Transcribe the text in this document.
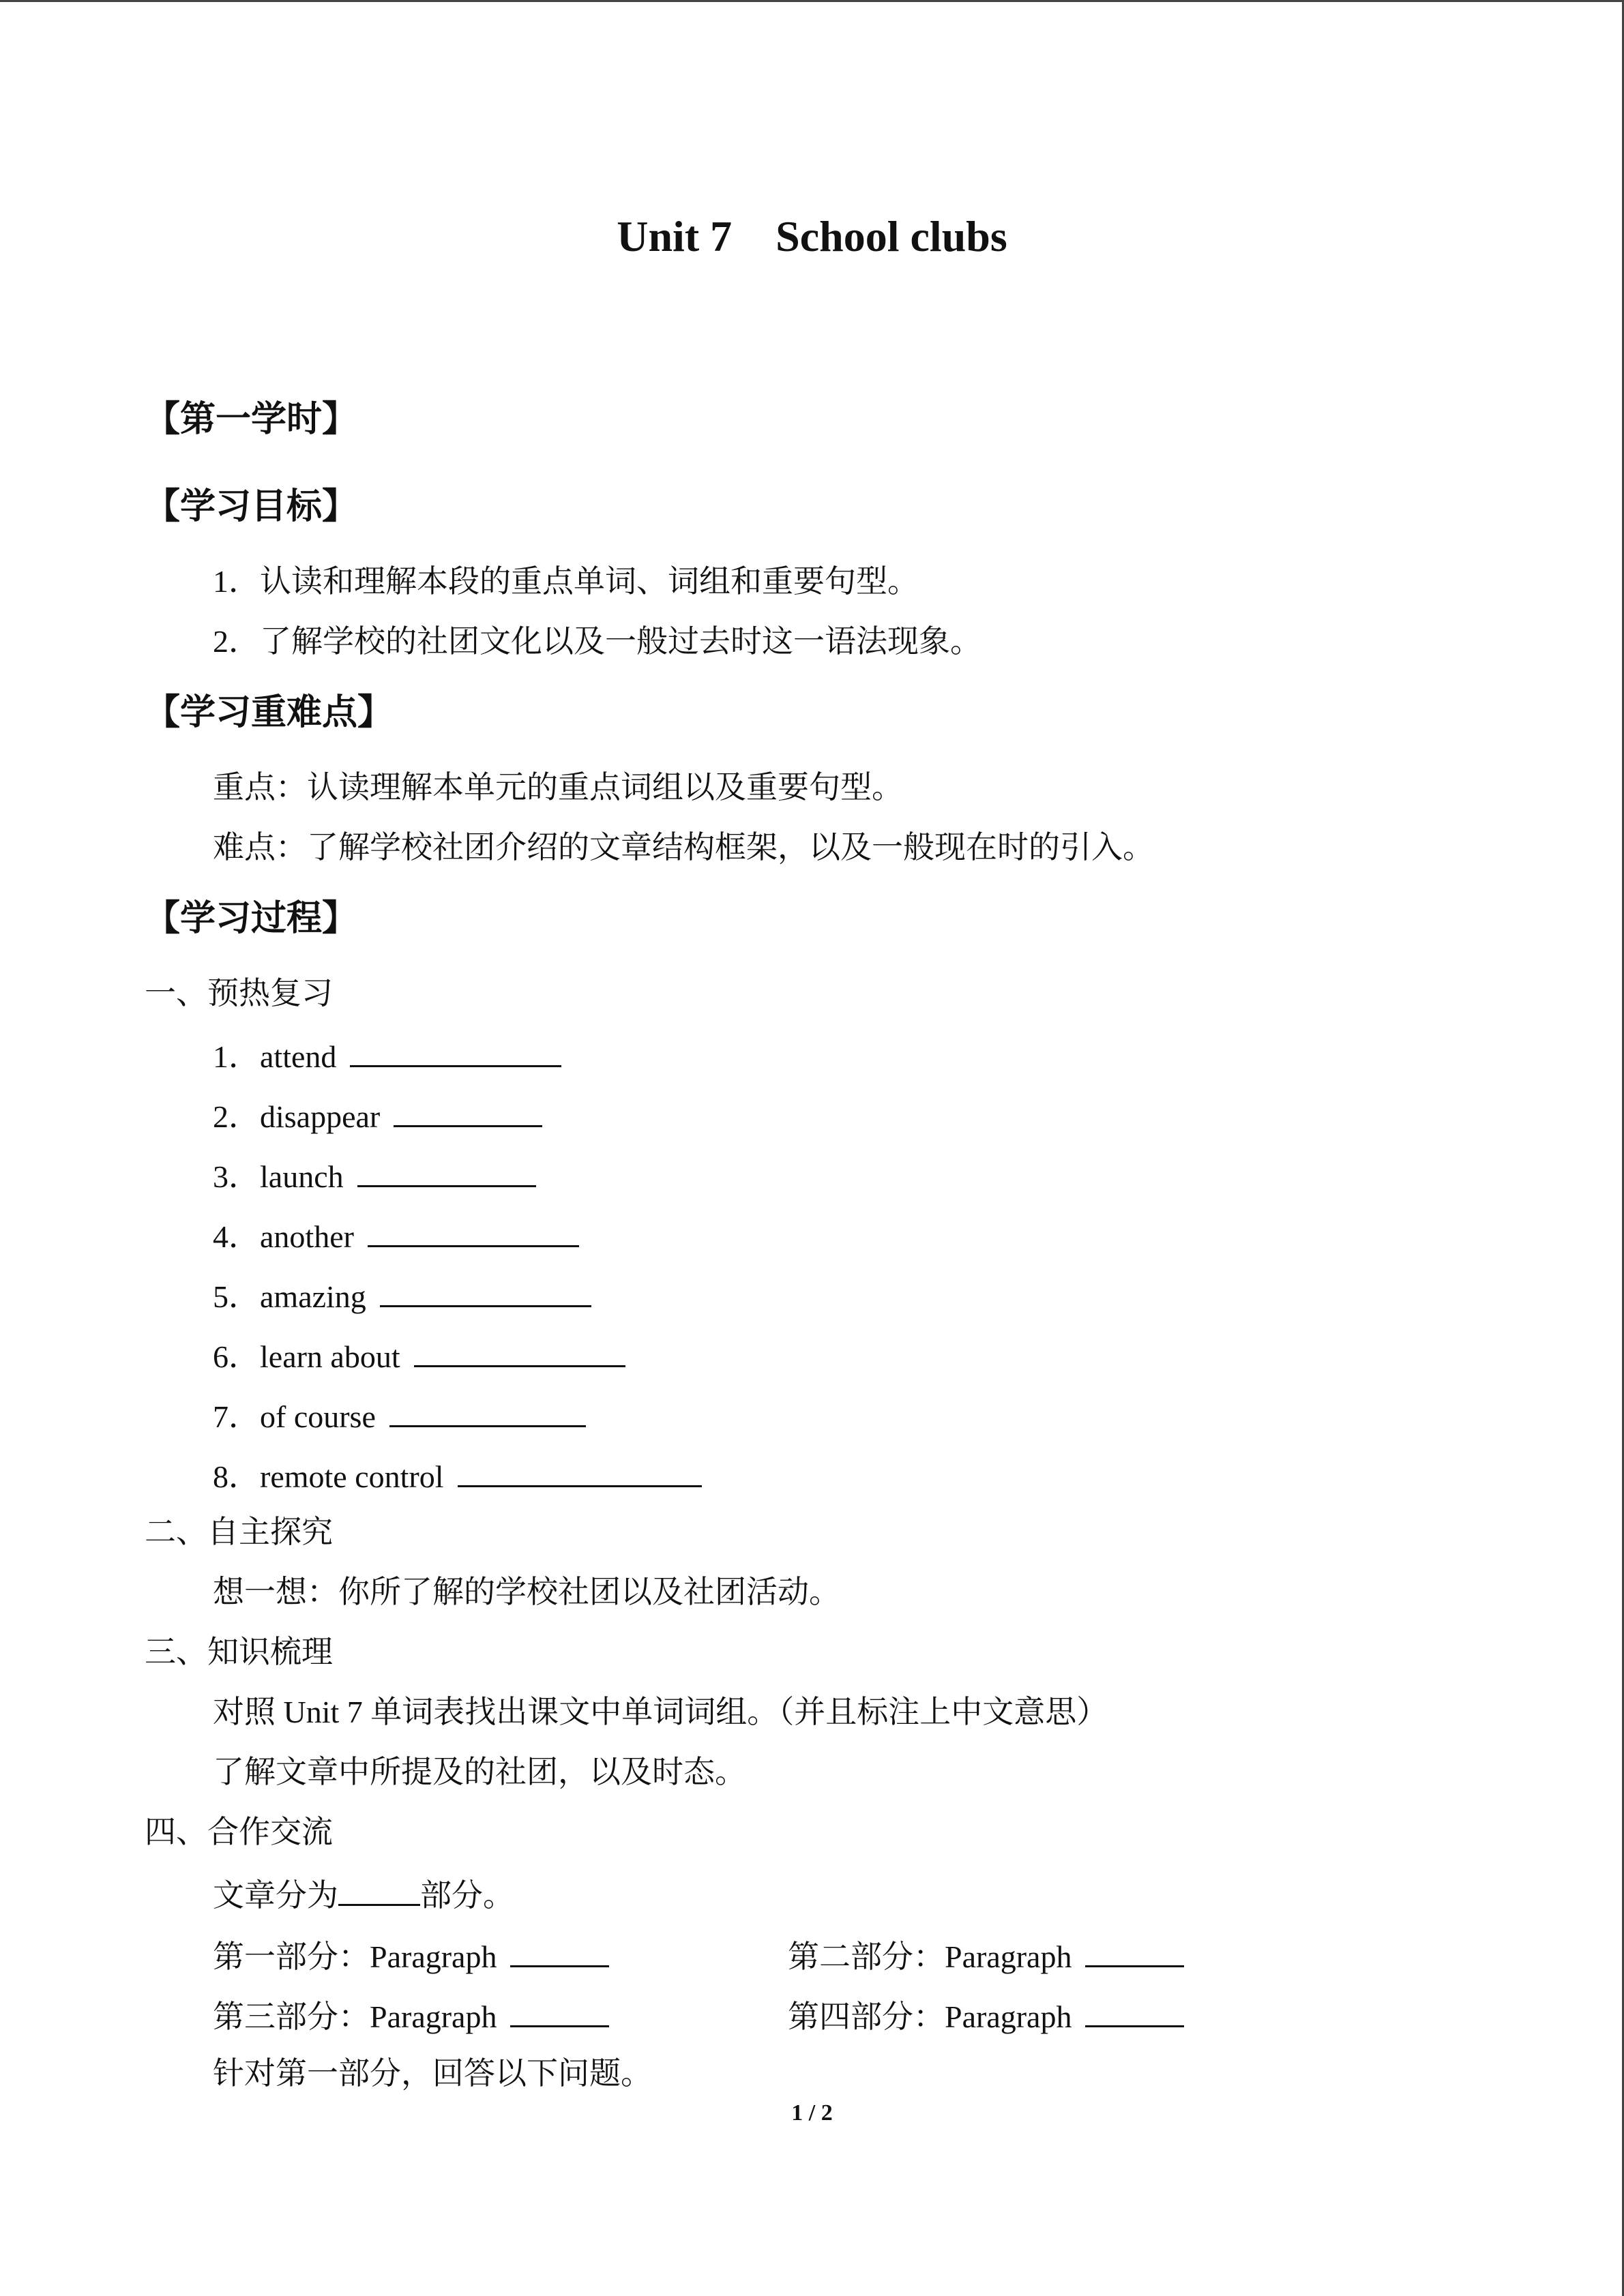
Unit 7    School clubs
【第一学时】
【学习目标】
1．认读和理解本段的重点单词、词组和重要句型。
2．了解学校的社团文化以及一般过去时这一语法现象。
【学习重难点】
重点：认读理解本单元的重点词组以及重要句型。
难点：了解学校社团介绍的文章结构框架，以及一般现在时的引入。
【学习过程】
一、预热复习
1．attend
2．disappear
3．launch
4．another
5．amazing
6．learn about
7．of course
8．remote control
二、自主探究
想一想：你所了解的学校社团以及社团活动。
三、知识梳理
对照 Unit 7 单词表找出课文中单词词组。（并且标注上中文意思）
了解文章中所提及的社团，以及时态。
四、合作交流
文章分为	部分。
第一部分：Paragraph	第二部分：Paragraph
第三部分：Paragraph	第四部分：Paragraph
针对第一部分，回答以下问题。
1 / 2
